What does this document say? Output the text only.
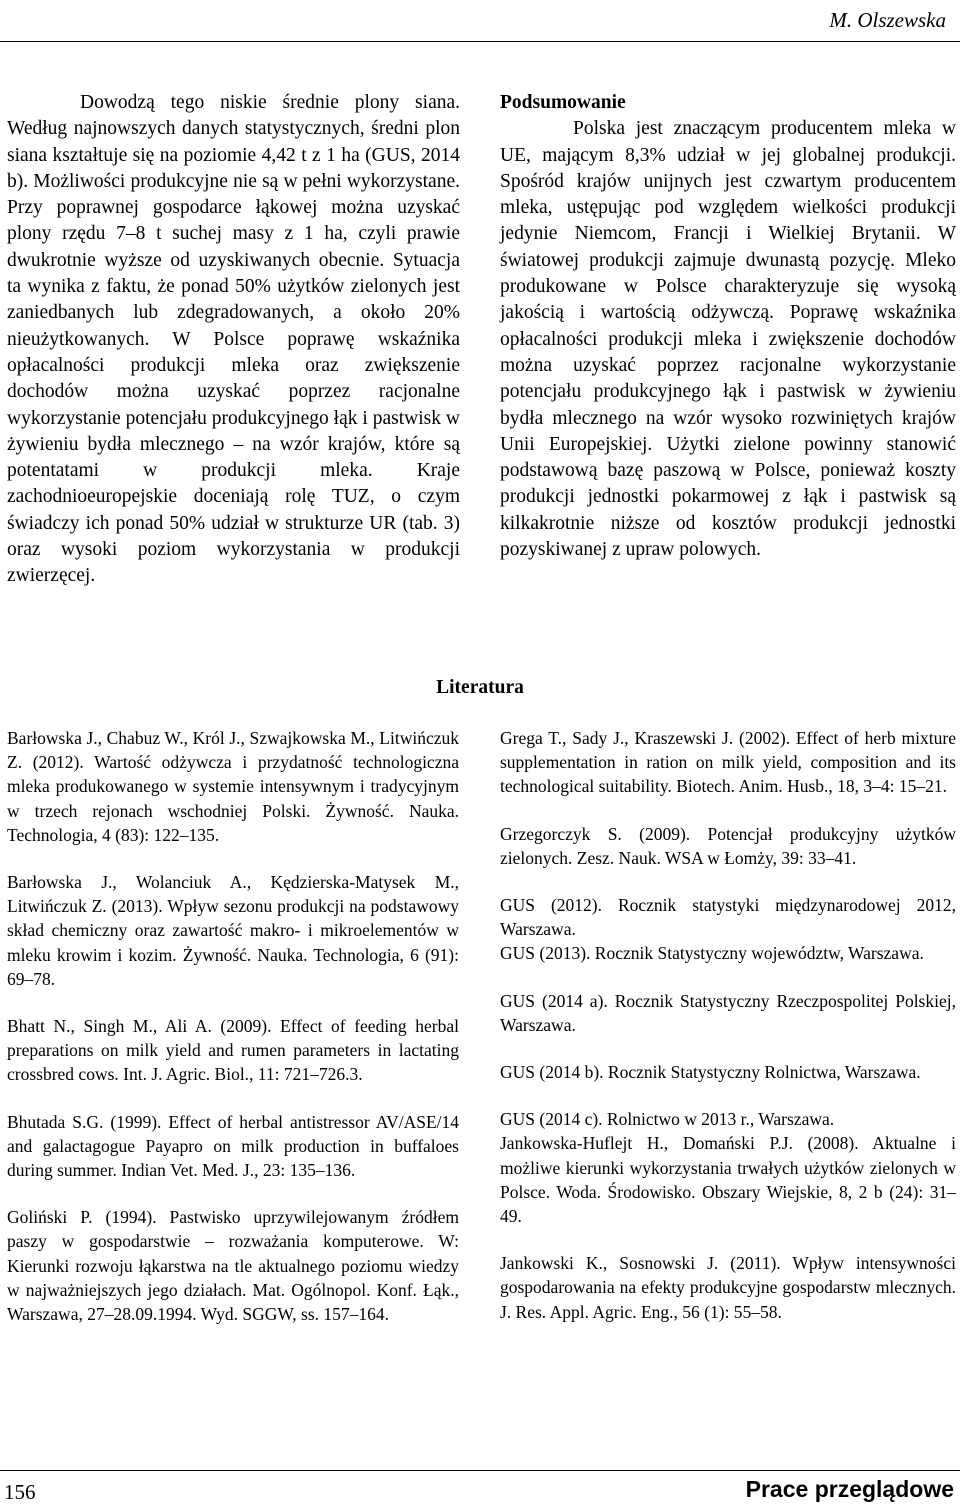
M. Olszewska

Dowodzą tego niskie średnie plony siana. Według najnowszych danych statystycznych, średni plon siana kształtuje się na poziomie 4,42 t z 1 ha (GUS, 2014 b). Możliwości produkcyjne nie są w pełni wykorzystane. Przy poprawnej gospodarce łąkowej można uzyskać plony rzędu 7–8 t suchej masy z 1 ha, czyli prawie dwukrotnie wyższe od uzyskiwanych obecnie. Sytuacja ta wynika z faktu, że ponad 50% użytków zielonych jest zaniedbanych lub zdegradowanych, a około 20% nieużytkowanych. W Polsce poprawę wskaźnika opłacalności produkcji mleka oraz zwiększenie dochodów można uzyskać poprzez racjonalne wykorzystanie potencjału produkcyjnego łąk i pastwisk w żywieniu bydła mlecznego – na wzór krajów, które są potentatami w produkcji mleka. Kraje zachodnioeuropejskie doceniają rolę TUZ, o czym świadczy ich ponad 50% udział w strukturze UR (tab. 3) oraz wysoki poziom wykorzystania w produkcji zwierzęcej.

Podsumowanie

Polska jest znaczącym producentem mleka w UE, mającym 8,3% udział w jej globalnej produkcji. Spośród krajów unijnych jest czwartym producentem mleka, ustępując pod względem wielkości produkcji jedynie Niemcom, Francji i Wielkiej Brytanii. W światowej produkcji zajmuje dwunastą pozycję. Mleko produkowane w Polsce charakteryzuje się wysoką jakością i wartością odżywczą. Poprawę wskaźnika opłacalności produkcji mleka i zwiększenie dochodów można uzyskać poprzez racjonalne wykorzystanie potencjału produkcyjnego łąk i pastwisk w żywieniu bydła mlecznego na wzór wysoko rozwiniętych krajów Unii Europejskiej. Użytki zielone powinny stanowić podstawową bazę paszową w Polsce, ponieważ koszty produkcji jednostki pokarmowej z łąk i pastwisk są kilkakrotnie niższe od kosztów produkcji jednostki pozyskiwanej z upraw polowych.

Literatura

Barłowska J., Chabuz W., Król J., Szwajkowska M., Litwińczuk Z. (2012). Wartość odżywcza i przydatność technologiczna mleka produkowanego w systemie intensywnym i tradycyjnym w trzech rejonach wschodniej Polski. Żywność. Nauka. Technologia, 4 (83): 122–135.

Barłowska J., Wolanciuk A., Kędzierska-Matysek M., Litwińczuk Z. (2013). Wpływ sezonu produkcji na podstawowy skład chemiczny oraz zawartość makro- i mikroelementów w mleku krowim i kozim. Żywność. Nauka. Technologia, 6 (91): 69–78.

Bhatt N., Singh M., Ali A. (2009). Effect of feeding herbal preparations on milk yield and rumen parameters in lactating crossbred cows. Int. J. Agric. Biol., 11: 721–726.3.

Bhutada S.G. (1999). Effect of herbal antistressor AV/ASE/14 and galactagogue Payapro on milk production in buffaloes during summer. Indian Vet. Med. J., 23: 135–136.

Goliński P. (1994). Pastwisko uprzywilejowanym źródłem paszy w gospodarstwie – rozważania komputerowe. W: Kierunki rozwoju łąkarstwa na tle aktualnego poziomu wiedzy w najważniejszych jego działach. Mat. Ogólnopol. Konf. Łąk., Warszawa, 27–28.09.1994. Wyd. SGGW, ss. 157–164.

Grega T., Sady J., Kraszewski J. (2002). Effect of herb mixture supplementation in ration on milk yield, composition and its technological suitability. Biotech. Anim. Husb., 18, 3–4: 15–21.

Grzegorczyk S. (2009). Potencjał produkcyjny użytków zielonych. Zesz. Nauk. WSA w Łomży, 39: 33–41.

GUS (2012). Rocznik statystyki międzynarodowej 2012, Warszawa.

GUS (2013). Rocznik Statystyczny województw, Warszawa.

GUS (2014 a). Rocznik Statystyczny Rzeczpospolitej Polskiej, Warszawa.

GUS (2014 b). Rocznik Statystyczny Rolnictwa, Warszawa.

GUS (2014 c). Rolnictwo w 2013 r., Warszawa.

Jankowska-Huflejt H., Domański P.J. (2008). Aktualne i możliwe kierunki wykorzystania trwałych użytków zielonych w Polsce. Woda. Środowisko. Obszary Wiejskie, 8, 2 b (24): 31–49.

Jankowski K., Sosnowski J. (2011). Wpływ intensywności gospodarowania na efekty produkcyjne gospodarstw mlecznych. J. Res. Appl. Agric. Eng., 56 (1): 55–58.

156	Prace przeglądowe
